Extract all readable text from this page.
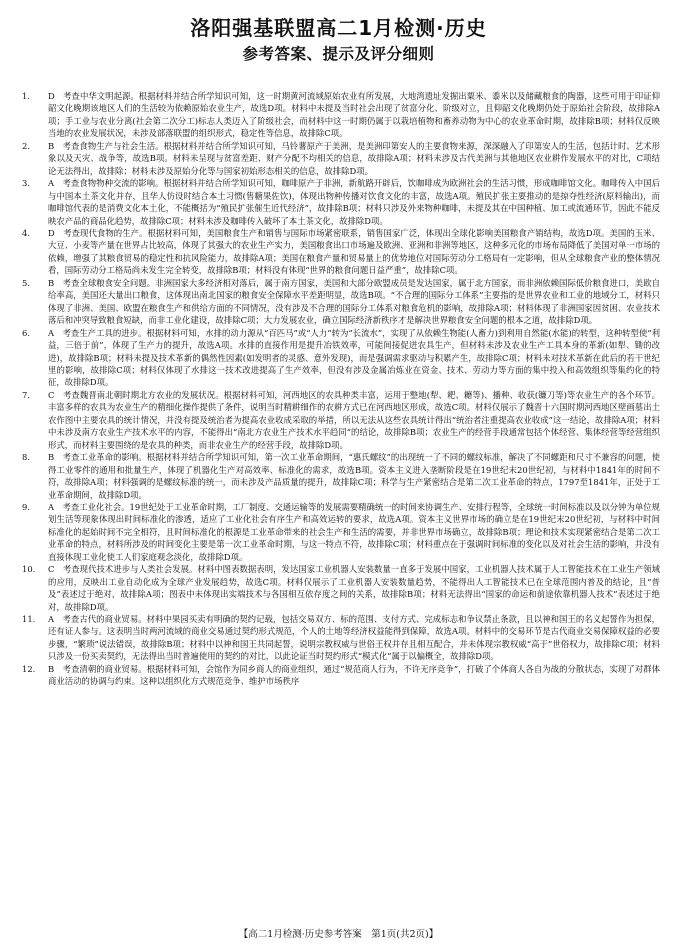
洛阳强基联盟高二1月检测·历史
参考答案、提示及评分细则
1.	D　考查中华文明起源。根据材料并结合所学知识可知，这一时期黄河流域原始农业有所发展，大地湾遗址发掘出粟米、黍米以及储藏粮食的陶器，这些可用于印证仰韶文化晚期该地区人们的生活较为依赖原始农业生产，故选D项。材料中未提及当时社会出现了贫富分化、阶级对立，且仰韶文化晚期仍处于原始社会阶段，故排除A项；手工业与农业分离(社会第二次分工)标志人类迈入了阶级社会，而材料中这一时期仍属于以栽培植物和畜养动物为中心的农业革命时期，故排除B项；材料仅反映当地的农业发展状况，未涉及部落联盟的组织形式，稳定性等信息，故排除C项。
2.	B　考查食物生产与社会生活。根据材料并结合所学知识可知，马铃薯原产于美洲，是美洲印第安人的主要食物来源，深深融入了印第安人的生活，包括计时、艺术形象以及天灾、战争等，故选B项。材料未呈现与贫富差距、财产分配不均相关的信息，故排除A项；材料未涉及古代美洲与其他地区农业耕作发展水平的对比，C项结论无法得出，故排除；材料未涉及原始分化等与国家初始形态相关的信息，故排除D项。
3.	A　考查食物物种交流的影响。根据材料并结合所学知识可知，咖啡原产于非洲，新航路开辟后，饮咖啡成为欧洲社会的生活习惯，形成咖啡馆文化。咖啡传入中国后与中国本土茶文化并存，且华人仿设时结合本土习惯(售糖果佐饮)，体现出物种传播对饮食文化的丰富，故选A项。殖民扩张主要推动的是掠夺性经济(原料输出)，而咖啡馆代表的是消费文化本土化，不能概括为“殖民扩张催生近代经济”，故排除B项；材料只涉及外来物种咖啡，未提及其在中国种植、加工或流通环节，因此不能反映农产品的商品化趋势，故排除C项；材料未涉及咖啡传入破坏了本土茶文化，故排除D项。
4.	D　考查现代食物的生产。根据材料可知，美国粮食生产和销售与国际市场紧密联系，销售国家广泛，体现出全球化影响美国粮食产销结构，故选D项。美国的玉米、大豆、小麦等产量在世界占比较高，体现了其强大的农业生产实力，美国粮食出口市场遍及欧洲、亚洲和非洲等地区，这种多元化的市场布局降低了美国对单一市场的依赖，增强了其粮食贸易的稳定性和抗风险能力，故排除A项；美国在粮食产量和贸易量上的优势地位对国际劳动分工格局有一定影响，但从全球粮食产业的整体情况看，国际劳动分工格局尚未发生完全转变，故排除B项；材料没有体现“世界的粮食问题日益严重”，故排除C项。
5.	B　考查全球粮食安全问题。非洲国家大多经济相对落后，属于南方国家，美国和大部分欧盟成员是发达国家，属于北方国家，而非洲依赖国际低价粮食进口，美欧自给率高，美国还大量出口粮食，这体现出南北国家的粮食安全保障水平差距明显，故选B项。“不合理的国际分工体系”主要指的是世界农业和工业的地域分工，材料只体现了非洲、美国、欧盟在粮食生产和供给方面的不同情况，没有涉及不合理的国际分工体系对粮食危机的影响，故排除A项；材料体现了非洲国家因贫困、农业技术落后和冲突导致粮食短缺，而非工业化建设，故排除C项；大力发展农业，确立国际经济新秩序才是解决世界粮食安全问题的根本之道，故排除D项。
6.	A　考查生产工具的进步。根据材料可知，水排的动力源从“百匹马”或“人力”转为“长流水”，实现了从依赖生物能(人畜力)到利用自然能(水能)的转型，这种转型使“利益，三倍于前”，体现了生产力的提升，故选A项。水排的直接作用是提升冶铁效率，可能间接促进农具生产，但材料未涉及农业生产工具本身的革新(如犁、锄的改进)，故排除B项；材料未提及技术革新的偶然性因素(如发明者的灵感、意外发现)，而是强调需求驱动与积累产生，故排除C项；材料未对技术革新在此后的若干世纪里的影响，故排除C项；材料仅体现了水排这一技术改进提高了生产效率，但没有涉及金属冶炼业在资金、技术、劳动力等方面的集中投入和高效组织等集约化的特征，故排除D项。
7.	C　考查魏晋南北朝时期北方农业的发展状况。根据材料可知，河西地区的农具种类丰富，运用于整地(犁、耙、耱等)、播种、收获(镰刀等)等农业生产的各个环节。丰富多样的农具为农业生产的精细化操作提供了条件，说明当时精耕细作的农耕方式已在河西地区形成，故选C项。材料仅展示了魏晋十六国时期河西地区壁画墓出土农作图中主要农具的统计情况，并没有提及统治者为提高农业收成采取的举措，所以无法从这些农具统计得出“统治者注重提高农业收成”这一结论，故排除A项；材料中未涉及南方农业生产技术水平的内容，不能得出“南北方农业生产技术水平趋同”的结论，故排除B项；农业生产的经营手段通常包括个体经营、集体经营等经营组织形式，而材料主要围绕的是农具的种类，而非农业生产的经营手段，故排除D项。
8.	B　考查工业革命的影响。根据材料并结合所学知识可知，第一次工业革命期间，“惠氏螺纹”的出现统一了不同的螺纹标准，解决了不同螺距和尺寸不兼容的问题，使得工业零件的通用和批量生产，体现了机器化生产对高效率、标准化的需求，故选B项。资本主义进入垄断阶段是在19世纪末20世纪初，与材料中1841年的时间不符，故排除A项；材料强调的是螺纹标准的统一，而未涉及产品质量的提升，故排除C项；科学与生产紧密结合是第二次工业革命的特点，1797至1841年，正处于工业革命期间，故排除D项。
9.	A　考查工业化社会。19世纪处于工业革命时期，工厂制度、交通运输等的发展需要精确统一的时间来协调生产、安排行程等，全球统一时间标准以及以分钟为单位规划生活等现象体现出时间标准化的渗透，适应了工业化社会有序生产和高效运转的要求，故选A项。资本主义世界市场的确立是在19世纪末20世纪初，与材料中时间标准化的起始时间不完全相符，且时间标准化的根源是工业革命带来的社会生产和生活的需要，并非世界市场确立，故排除B项；理论和技术实现紧密结合是第二次工业革命的特点，材料所涉及的时间变化主要是第一次工业革命时期，与这一特点不符，故排除C项；材料重点在于强调时间标准的变化以及对社会生活的影响，并没有直接体现工业化使工人们家庭观念淡化，故排除D项。
10.	C　考查现代技术进步与人类社会发展。材料中图表数据表明，发达国家工业机器人安装数量一直多于发展中国家，工业机器人技术属于人工智能技术在工业生产领域的应用，反映出工业自动化成为全球产业发展趋势，故选C项。材料仅展示了工业机器人安装数量趋势，不能得出人工智能技术已在全球范围内普及的结论，且“普及”表述过于绝对，故排除A项；图表中未体现出实端技术与各国相互依存度之间的关系，故排除B项；材料无法得出“国家的命运和前途依靠机器人技术”表述过于绝对，故排除D项。
11.	A　考查古代的商业贸易。材料中果园买卖有明确的契约记载，包括交易双方、标的范围、支付方式、完成标志和争议禁止条款，且以神和国王的名义起誓作为担保，还有证人参与。这表明当时两河流域的商业交易通过契约形式规范，个人的土地等经济权益能得到保障，故选A项。材料中的交易环节是古代商业交易保障权益的必要步骤，“繁琐”说法错误，故排除B项；材料中以神和国王共同起誓，说明宗教权威与世俗王权并存且相互配合，并未体现宗教权威“高于”世俗权力，故排除C项；材料只涉及一份买卖契约，无法得出当时普遍使用的契约的对比，以此论证当时契约形式“模式化”属于以偏概全，故排除D项。
12.	B　考查清朝的商业贸易。根据材料可知，会馆作为同乡商人的商业组织，通过“规范商人行为，不许无序竞争”，打破了个体商人各自为战的分散状态，实现了对群体商业活动的协调与约束。这种以组织化方式规范竞争、维护市场秩序
【高二1月检测·历史参考答案　第1页(共2页)】
